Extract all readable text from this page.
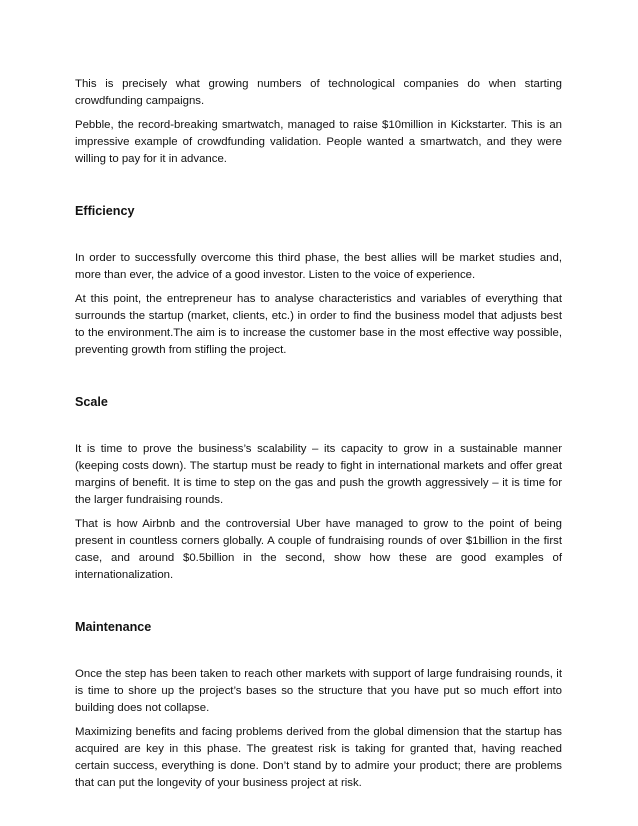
This is precisely what growing numbers of technological companies do when starting crowdfunding campaigns.

Pebble, the record-breaking smartwatch, managed to raise $10million in Kickstarter. This is an impressive example of crowdfunding validation. People wanted a smartwatch, and they were willing to pay for it in advance.

Efficiency

In order to successfully overcome this third phase, the best allies will be market studies and, more than ever, the advice of a good investor. Listen to the voice of experience.

At this point, the entrepreneur has to analyse characteristics and variables of everything that surrounds the startup (market, clients, etc.) in order to find the business model that adjusts best to the environment.The aim is to increase the customer base in the most effective way possible, preventing growth from stifling the project.

Scale

It is time to prove the business’s scalability – its capacity to grow in a sustainable manner (keeping costs down). The startup must be ready to fight in international markets and offer great margins of benefit. It is time to step on the gas and push the growth aggressively – it is time for the larger fundraising rounds.

That is how Airbnb and the controversial Uber have managed to grow to the point of being present in countless corners globally. A couple of fundraising rounds of over $1billion in the first case, and around $0.5billion in the second, show how these are good examples of internationalization.

Maintenance

Once the step has been taken to reach other markets with support of large fundraising rounds, it is time to shore up the project’s bases so the structure that you have put so much effort into building does not collapse.

Maximizing benefits and facing problems derived from the global dimension that the startup has acquired are key in this phase. The greatest risk is taking for granted that, having reached certain success, everything is done. Don’t stand by to admire your product; there are problems that can put the longevity of your business project at risk.
